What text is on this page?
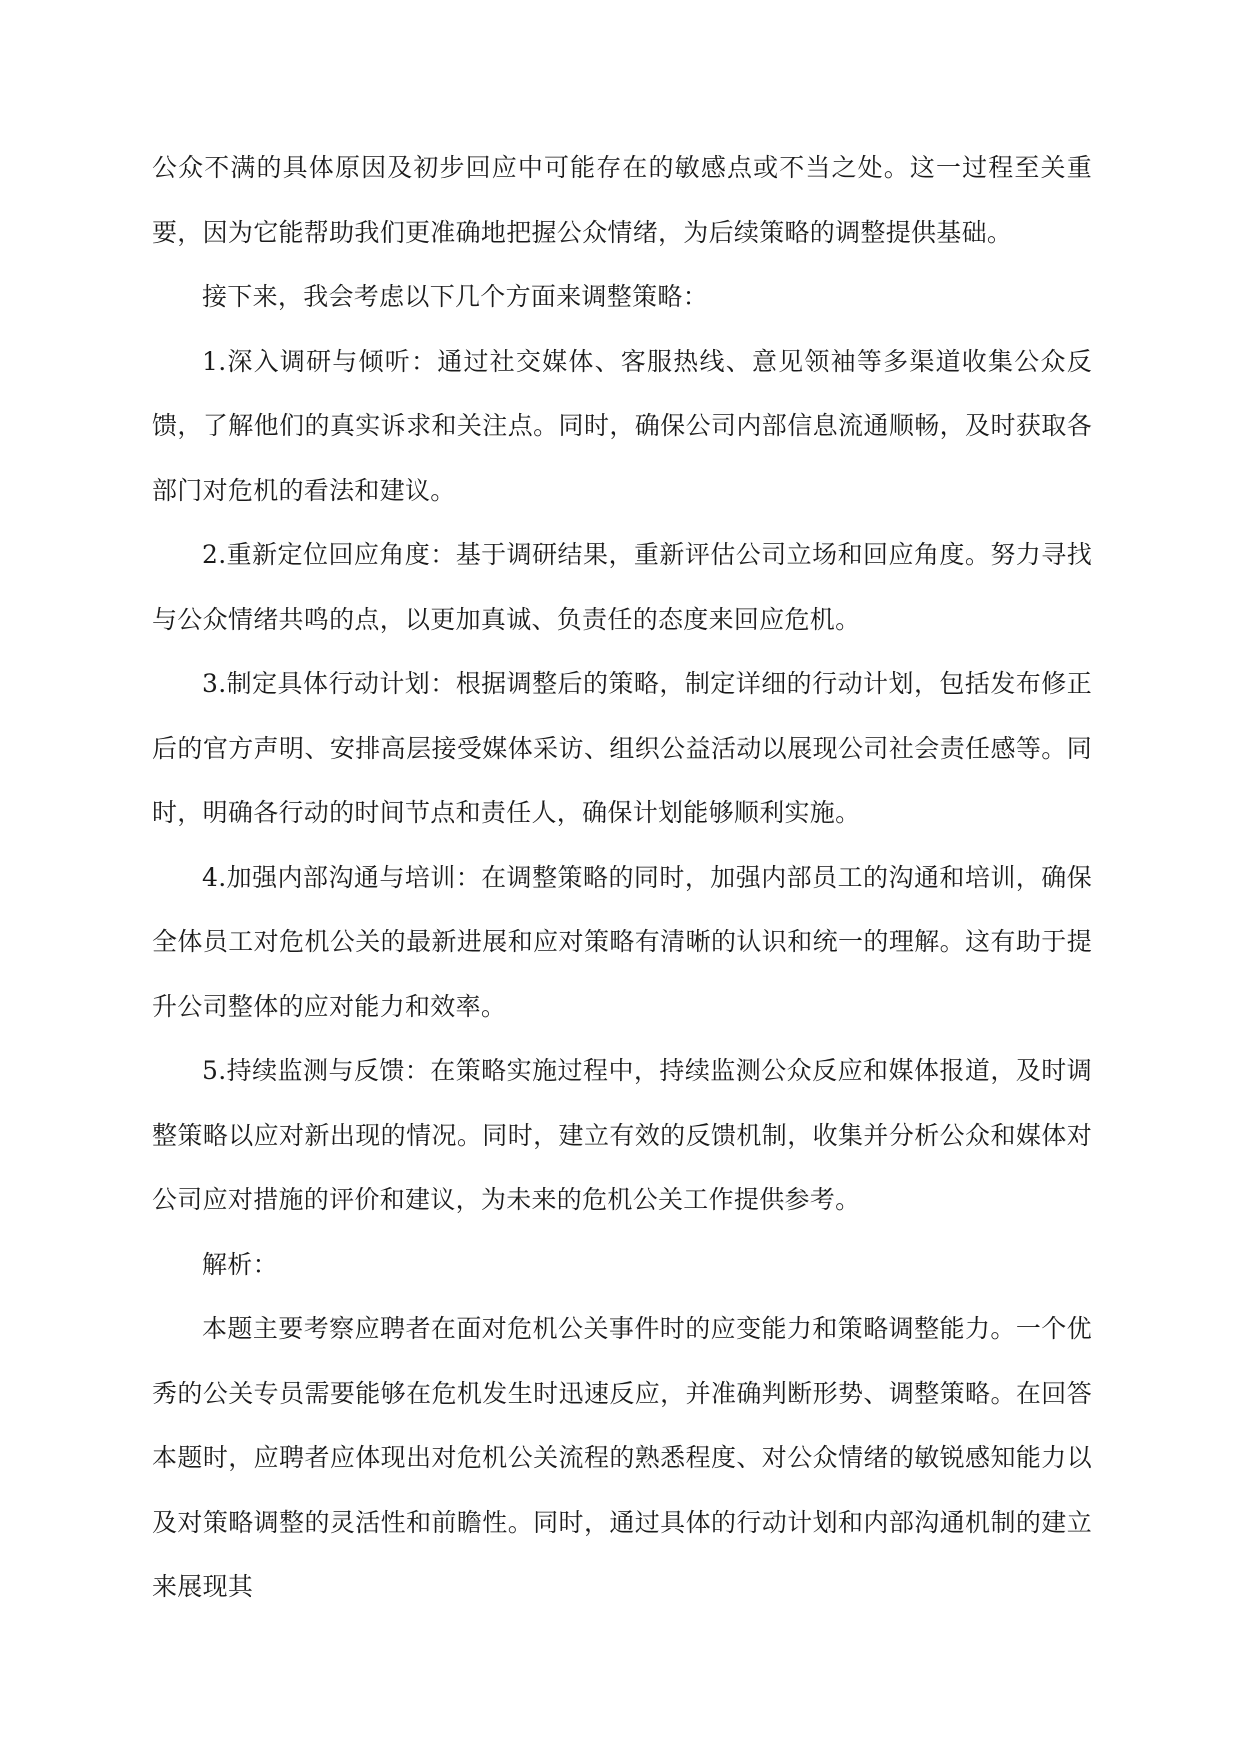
公众不满的具体原因及初步回应中可能存在的敏感点或不当之处。这一过程至关重要，因为它能帮助我们更准确地把握公众情绪，为后续策略的调整提供基础。

接下来，我会考虑以下几个方面来调整策略：

1.深入调研与倾听：通过社交媒体、客服热线、意见领袖等多渠道收集公众反馈，了解他们的真实诉求和关注点。同时，确保公司内部信息流通顺畅，及时获取各部门对危机的看法和建议。

2.重新定位回应角度：基于调研结果，重新评估公司立场和回应角度。努力寻找与公众情绪共鸣的点，以更加真诚、负责任的态度来回应危机。

3.制定具体行动计划：根据调整后的策略，制定详细的行动计划，包括发布修正后的官方声明、安排高层接受媒体采访、组织公益活动以展现公司社会责任感等。同时，明确各行动的时间节点和责任人，确保计划能够顺利实施。

4.加强内部沟通与培训：在调整策略的同时，加强内部员工的沟通和培训，确保全体员工对危机公关的最新进展和应对策略有清晰的认识和统一的理解。这有助于提升公司整体的应对能力和效率。

5.持续监测与反馈：在策略实施过程中，持续监测公众反应和媒体报道，及时调整策略以应对新出现的情况。同时，建立有效的反馈机制，收集并分析公众和媒体对公司应对措施的评价和建议，为未来的危机公关工作提供参考。

解析：

本题主要考察应聘者在面对危机公关事件时的应变能力和策略调整能力。一个优秀的公关专员需要能够在危机发生时迅速反应，并准确判断形势、调整策略。在回答本题时，应聘者应体现出对危机公关流程的熟悉程度、对公众情绪的敏锐感知能力以及对策略调整的灵活性和前瞻性。同时，通过具体的行动计划和内部沟通机制的建立来展现其
